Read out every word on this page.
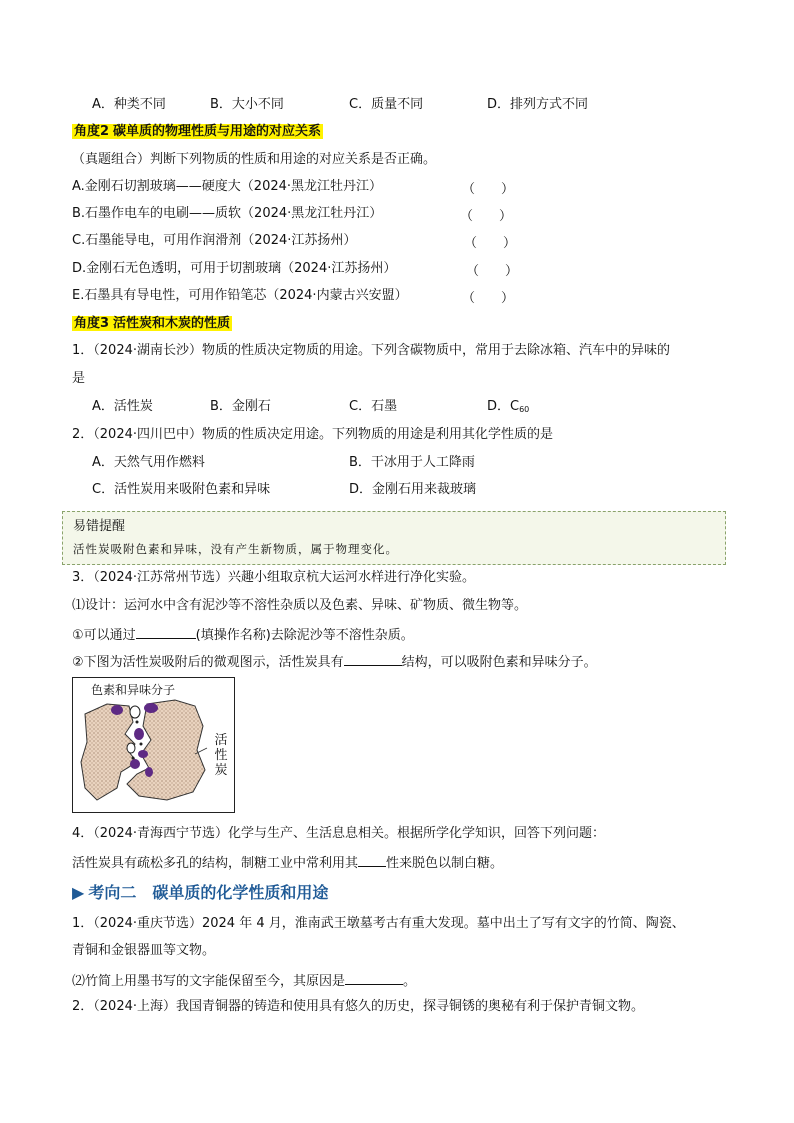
A．种类不同	B．大小不同	C．质量不同	D．排列方式不同
角度2 碳单质的物理性质与用途的对应关系
（真题组合）判断下列物质的性质和用途的对应关系是否正确。
A.金刚石切割玻璃——硬度大（2024·黑龙江牡丹江）	（　　）
B.石墨作电车的电刷——质软（2024·黑龙江牡丹江）	（　　）
C.石墨能导电，可用作润滑剂（2024·江苏扬州）	（　　）
D.金刚石无色透明，可用于切割玻璃（2024·江苏扬州）	（　　）
E.石墨具有导电性，可用作铅笔芯（2024·内蒙古兴安盟）	（　　）
角度3 活性炭和木炭的性质
1．（2024·湖南长沙）物质的性质决定物质的用途。下列含碳物质中，常用于去除冰箱、汽车中的异味的
是
A．活性炭	B．金刚石	C．石墨	D．$C_{60}$
2．（2024·四川巴中）物质的性质决定用途。下列物质的用途是利用其化学性质的是
A．天然气用作燃料	B．干冰用于人工降雨
C．活性炭用来吸附色素和异味	D．金刚石用来裁玻璃
易错提醒
活性炭吸附色素和异味，没有产生新物质，属于物理变化。
3．（2024·江苏常州节选）兴趣小组取京杭大运河水样进行净化实验。
⑴设计：运河水中含有泥沙等不溶性杂质以及色素、异味、矿物质、微生物等。
①可以通过	(填操作名称)去除泥沙等不溶性杂质。
②下图为活性炭吸附后的微观图示，活性炭具有	结构，可以吸附色素和异味分子。
色素和异味分子
活性炭
4．（2024·青海西宁节选）化学与生产、生活息息相关。根据所学化学知识，回答下列问题：
活性炭具有疏松多孔的结构，制糖工业中常利用其 性来脱色以制白糖。
▶ 考向二　碳单质的化学性质和用途
1．（2024·重庆节选）2024 年 4 月，淮南武王墩墓考古有重大发现。墓中出土了写有文字的竹简、陶瓷、
青铜和金银器皿等文物。
⑵竹简上用墨书写的文字能保留至今，其原因是	。
2．（2024·上海）我国青铜器的铸造和使用具有悠久的历史，探寻铜锈的奥秘有利于保护青铜文物。
